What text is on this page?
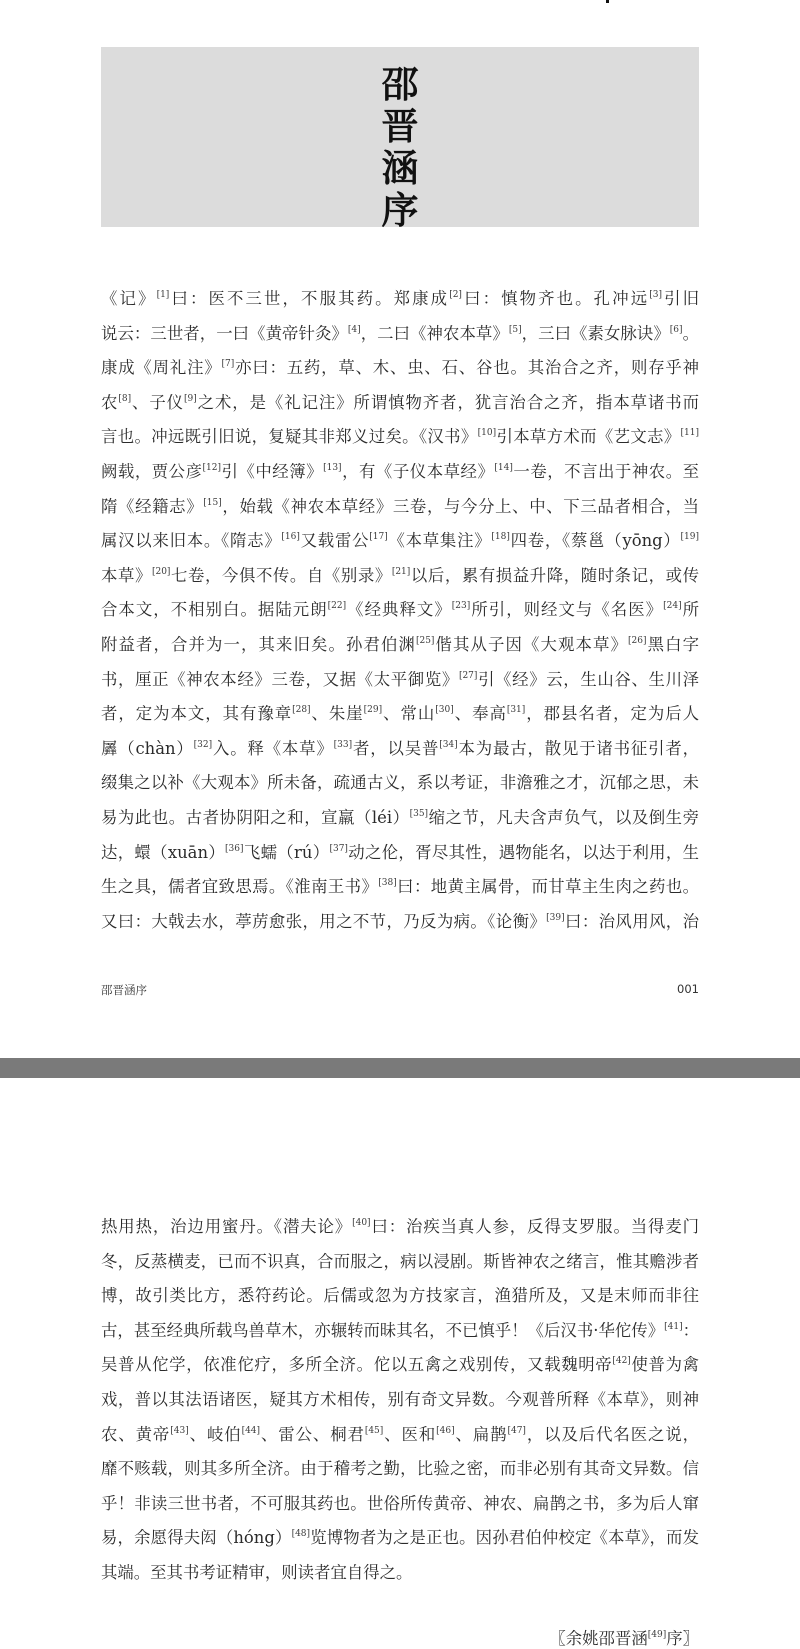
邵晋涵序
《记》[1]曰：医不三世，不服其药。郑康成[2]曰：慎物齐也。孔冲远[3]引旧
说云：三世者，一曰《黄帝针灸》[4]，二曰《神农本草》[5]，三曰《素女脉诀》[6]。
康成《周礼注》[7]亦曰：五药，草、木、虫、石、谷也。其治合之齐，则存乎神
农[8]、子仪[9]之术，是《礼记注》所谓慎物齐者，犹言治合之齐，指本草诸书而
言也。冲远既引旧说，复疑其非郑义过矣。《汉书》[10]引本草方术而《艺文志》[11]
阙载，贾公彦[12]引《中经簿》[13]，有《子仪本草经》[14]一卷，不言出于神农。至
隋《经籍志》[15]，始载《神农本草经》三卷，与今分上、中、下三品者相合，当
属汉以来旧本。《隋志》[16]又载雷公[17]《本草集注》[18]四卷，《蔡邕（yōng）[19]
本草》[20]七卷，今俱不传。自《别录》[21]以后，累有损益升降，随时条记，或传
合本文，不相别白。据陆元朗[22]《经典释文》[23]所引，则经文与《名医》[24]所
附益者，合并为一，其来旧矣。孙君伯渊[25]偕其从子因《大观本草》[26]黑白字
书，厘正《神农本经》三卷，又据《太平御览》[27]引《经》云，生山谷、生川泽
者，定为本文，其有豫章[28]、朱崖[29]、常山[30]、奉高[31]，郡县名者，定为后人
羼（chàn）[32]入。释《本草》[33]者，以吴普[34]本为最古，散见于诸书征引者，
缀集之以补《大观本》所未备，疏通古义，系以考证，非澹雅之才，沉郁之思，未
易为此也。古者协阴阳之和，宣羸（léi）[35]缩之节，凡夫含声负气，以及倒生旁
达，蠉（xuān）[36]飞蠕（rú）[37]动之伦，胥尽其性，遇物能名，以达于利用，生
生之具，儒者宜致思焉。《淮南王书》[38]曰：地黄主属骨，而甘草主生肉之药也。
又曰：大戟去水，葶苈愈张，用之不节，乃反为病。《论衡》[39]曰：治风用风，治
邵晋涵序	001
热用热，治边用蜜丹。《潜夫论》[40]曰：治疾当真人参，反得支罗服。当得麦门
冬，反蒸横麦，已而不识真，合而服之，病以浸剧。斯皆神农之绪言，惟其赡涉者
博，故引类比方，悉符药论。后儒或忽为方技家言，渔猎所及，又是末师而非往
古，甚至经典所载鸟兽草木，亦辗转而昧其名，不已慎乎！《后汉书·华佗传》[41]：
吴普从佗学，依准佗疗，多所全济。佗以五禽之戏别传，又载魏明帝[42]使普为禽
戏，普以其法语诸医，疑其方术相传，别有奇文异数。今观普所释《本草》，则神
农、黄帝[43]、岐伯[44]、雷公、桐君[45]、医和[46]、扁鹊[47]，以及后代名医之说，
靡不赅载，则其多所全济。由于稽考之勤，比验之密，而非必别有其奇文异数。信
乎！非读三世书者，不可服其药也。世俗所传黄帝、神农、扁鹊之书，多为后人窜
易，余愿得夫闳（hóng）[48]览博物者为之是正也。因孙君伯仲校定《本草》，而发
其端。至其书考证精审，则读者宜自得之。
〖余姚邵晋涵[49]序〗
